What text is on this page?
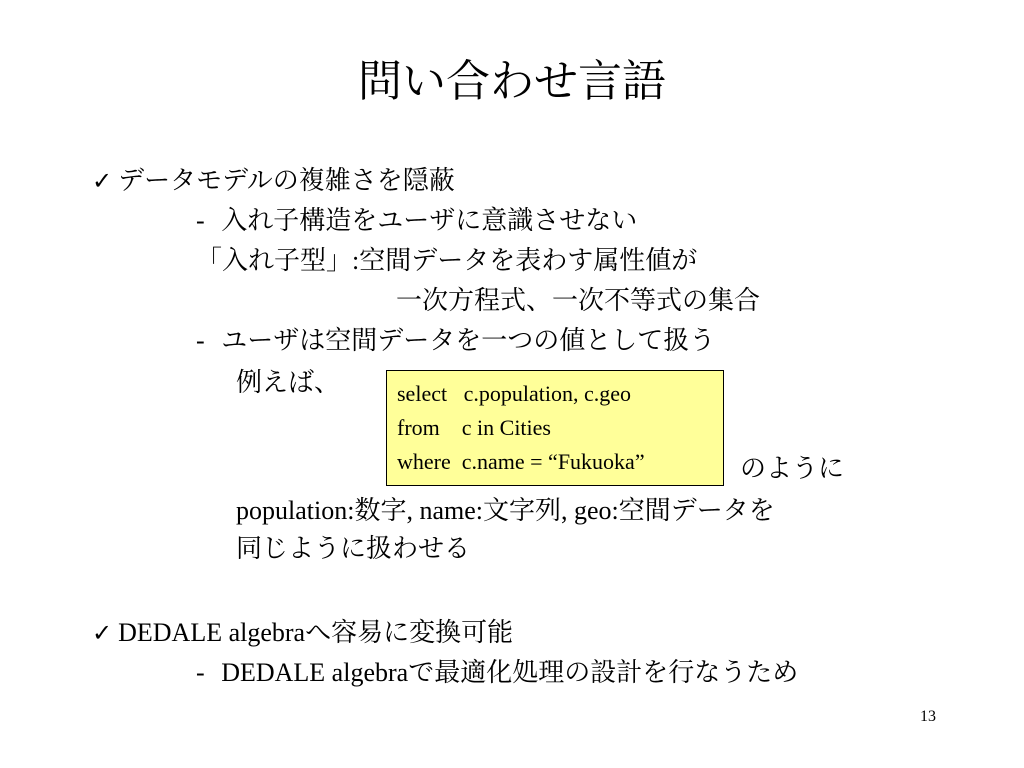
問い合わせ言語
✓ データモデルの複雑さを隠蔽
- 入れ子構造をユーザに意識させない
「入れ子型」:空間データを表わす属性値が
一次方程式、一次不等式の集合
- ユーザは空間データを一つの値として扱う
例えば、	select   c.population, c.geo
from    c in Cities
where  c.name = “Fukuoka”	のように
population:数字, name:文字列, geo:空間データを
同じように扱わせる
✓ DEDALE algebraへ容易に変換可能
- DEDALE algebraで最適化処理の設計を行なうため
13
